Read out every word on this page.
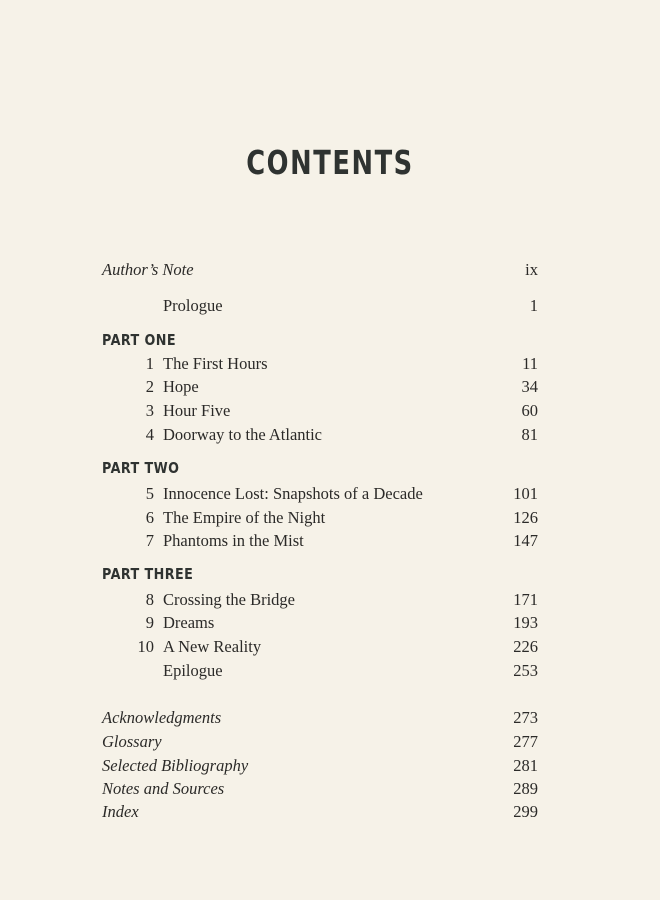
CONTENTS
Author’s Note	ix
Prologue	1
PART ONE
1 The First Hours	11
2 Hope	34
3 Hour Five	60
4 Doorway to the Atlantic	81
PART TWO
5 Innocence Lost: Snapshots of a Decade	101
6 The Empire of the Night	126
7 Phantoms in the Mist	147
PART THREE
8 Crossing the Bridge	171
9 Dreams	193
10 A New Reality	226
Epilogue	253
Acknowledgments	273
Glossary	277
Selected Bibliography	281
Notes and Sources	289
Index	299
